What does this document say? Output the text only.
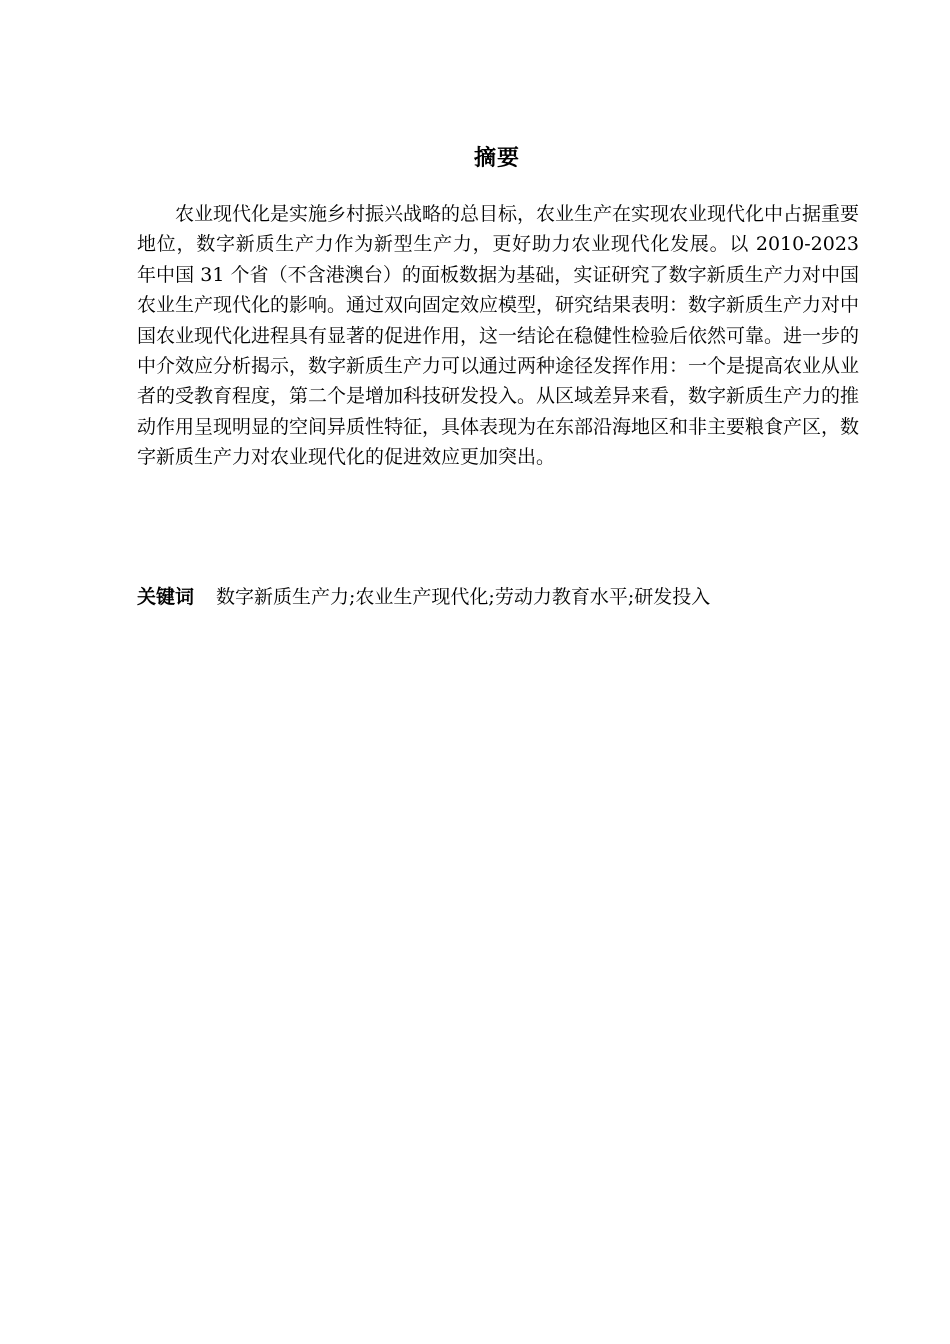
摘要

农业现代化是实施乡村振兴战略的总目标，农业生产在实现农业现代化中占据重要地位，数字新质生产力作为新型生产力，更好助力农业现代化发展。以 2010-2023 年中国 31 个省（不含港澳台）的面板数据为基础，实证研究了数字新质生产力对中国农业生产现代化的影响。通过双向固定效应模型，研究结果表明：数字新质生产力对中国农业现代化进程具有显著的促进作用，这一结论在稳健性检验后依然可靠。进一步的中介效应分析揭示，数字新质生产力可以通过两种途径发挥作用：一个是提高农业从业者的受教育程度，第二个是增加科技研发投入。从区域差异来看，数字新质生产力的推动作用呈现明显的空间异质性特征，具体表现为在东部沿海地区和非主要粮食产区，数字新质生产力对农业现代化的促进效应更加突出。

关键词 数字新质生产力;农业生产现代化;劳动力教育水平;研发投入
